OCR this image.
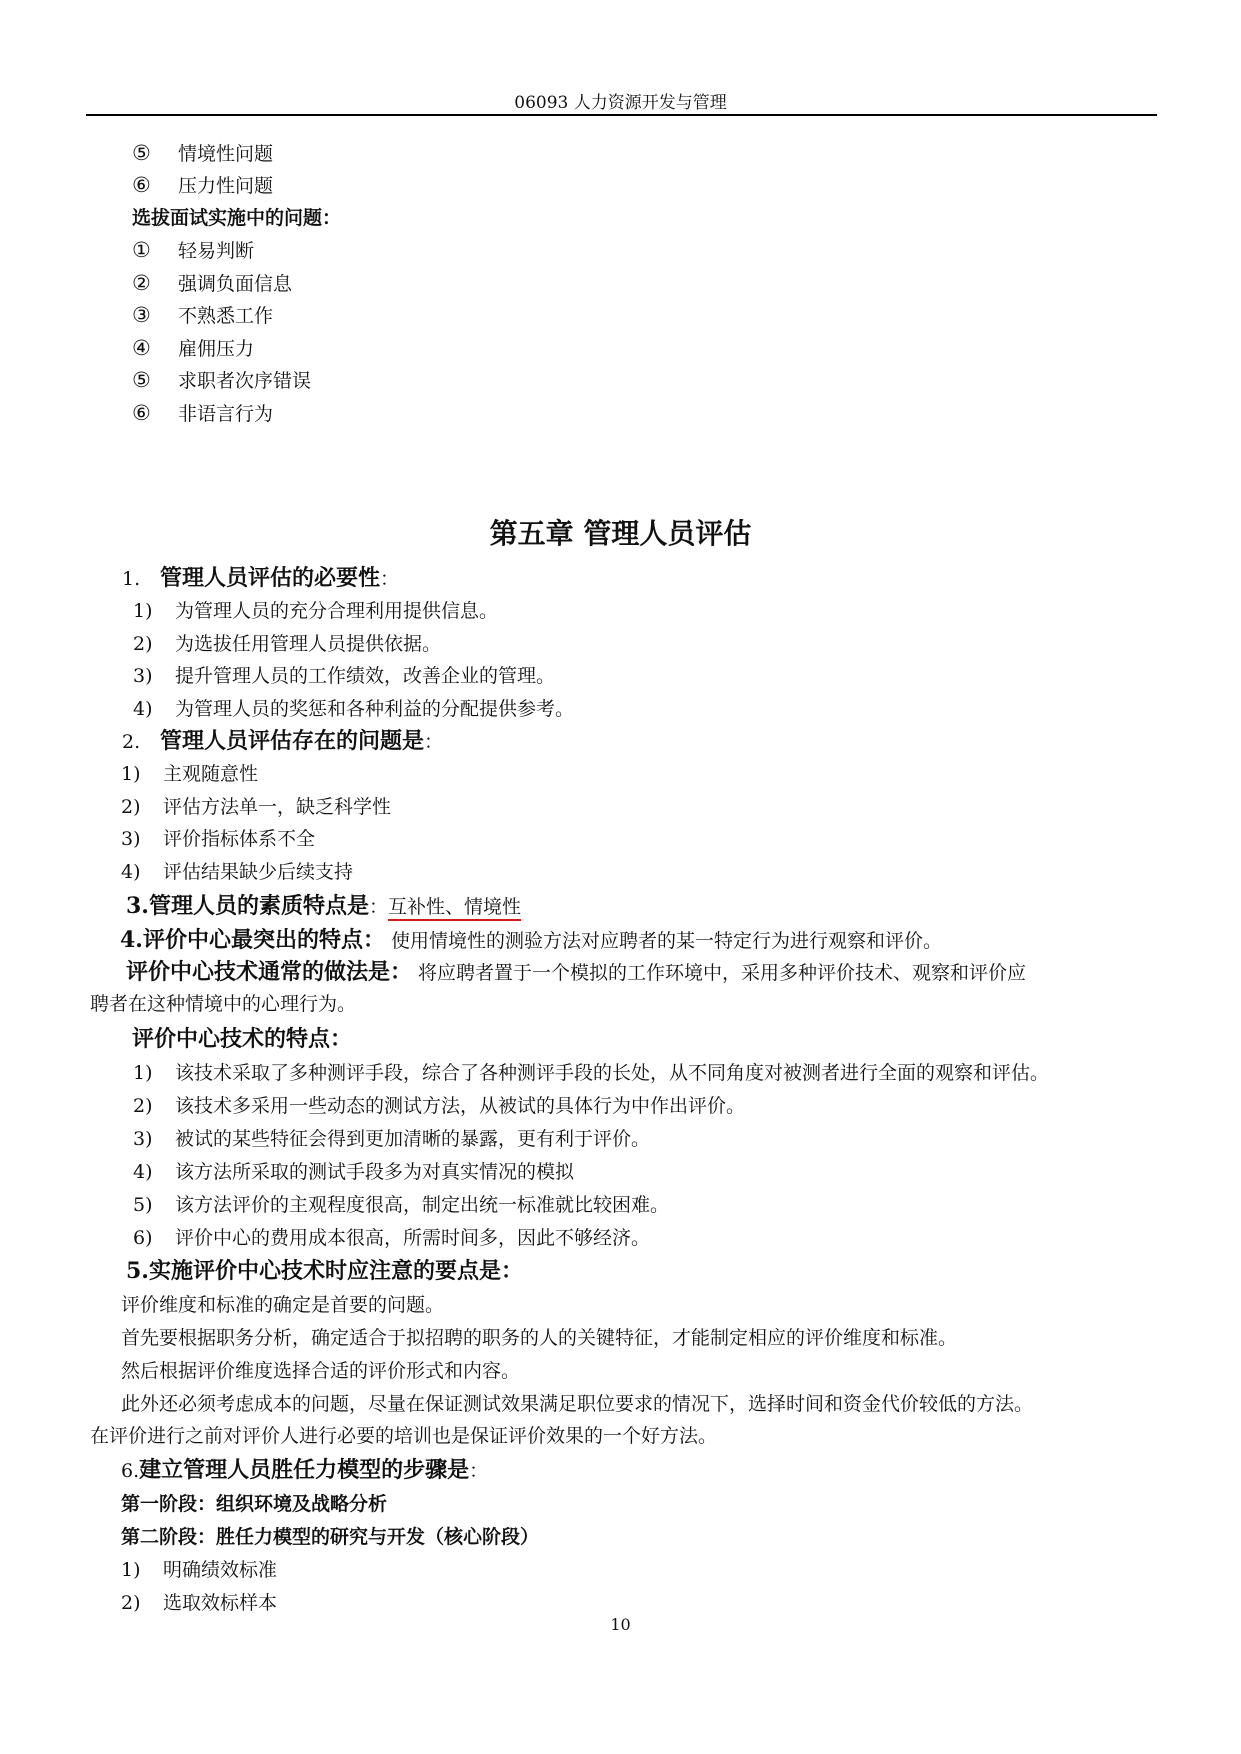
06093 人力资源开发与管理
⑤ 情境性问题
⑥ 压力性问题
选拔面试实施中的问题：
① 轻易判断
② 强调负面信息
③ 不熟悉工作
④ 雇佣压力
⑤ 求职者次序错误
⑥ 非语言行为
第五章 管理人员评估
1. 管理人员评估的必要性：
1) 为管理人员的充分合理利用提供信息。
2) 为选拔任用管理人员提供依据。
3) 提升管理人员的工作绩效，改善企业的管理。
4) 为管理人员的奖惩和各种利益的分配提供参考。
2. 管理人员评估存在的问题是：
1) 主观随意性
2) 评估方法单一，缺乏科学性
3) 评价指标体系不全
4) 评估结果缺少后续支持
3.管理人员的素质特点是：互补性、情境性
4.评价中心最突出的特点： 使用情境性的测验方法对应聘者的某一特定行为进行观察和评价。
评价中心技术通常的做法是： 将应聘者置于一个模拟的工作环境中，采用多种评价技术、观察和评价应
聘者在这种情境中的心理行为。
评价中心技术的特点：
1) 该技术采取了多种测评手段，综合了各种测评手段的长处，从不同角度对被测者进行全面的观察和评估。
2) 该技术多采用一些动态的测试方法，从被试的具体行为中作出评价。
3) 被试的某些特征会得到更加清晰的暴露，更有利于评价。
4) 该方法所采取的测试手段多为对真实情况的模拟
5) 该方法评价的主观程度很高，制定出统一标准就比较困难。
6) 评价中心的费用成本很高，所需时间多，因此不够经济。
5.实施评价中心技术时应注意的要点是：
评价维度和标准的确定是首要的问题。
首先要根据职务分析，确定适合于拟招聘的职务的人的关键特征，才能制定相应的评价维度和标准。
然后根据评价维度选择合适的评价形式和内容。
此外还必须考虑成本的问题，尽量在保证测试效果满足职位要求的情况下，选择时间和资金代价较低的方法。
在评价进行之前对评价人进行必要的培训也是保证评价效果的一个好方法。
6.建立管理人员胜任力模型的步骤是：
第一阶段：组织环境及战略分析
第二阶段：胜任力模型的研究与开发（核心阶段）
1) 明确绩效标准
2) 选取效标样本
10
